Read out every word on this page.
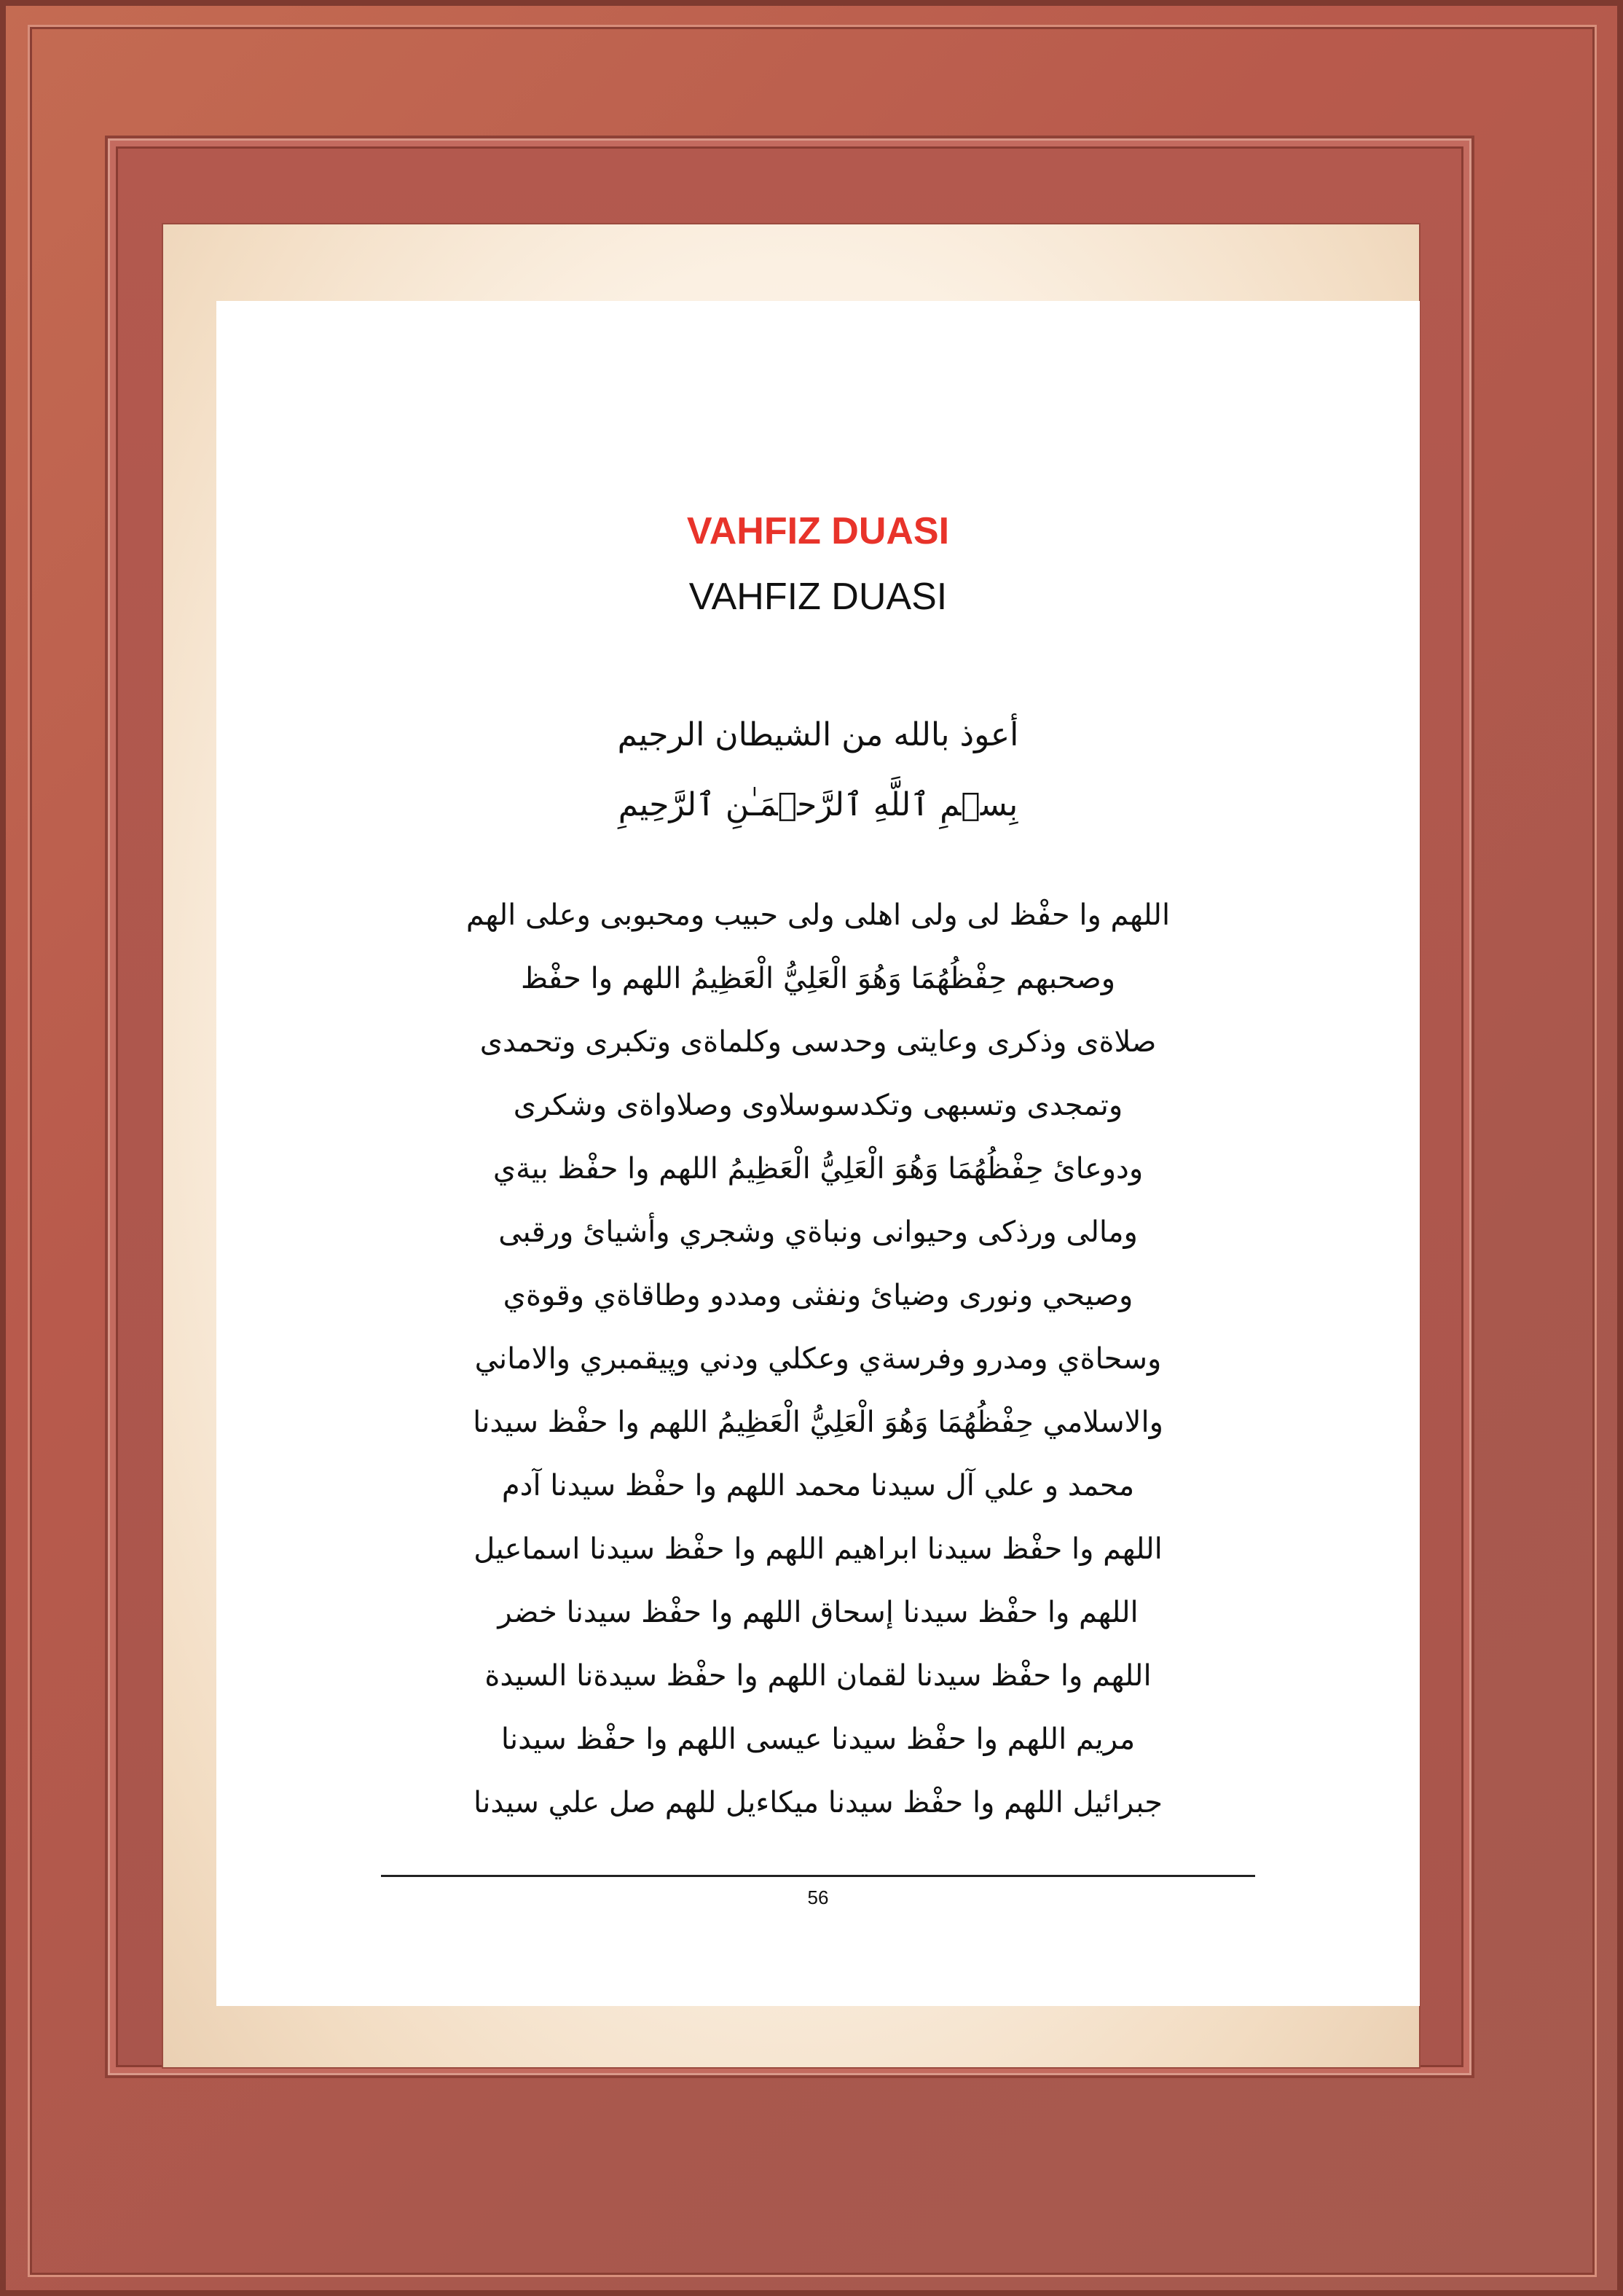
VAHFIZ DUASI
VAHFIZ DUASI
أعوذ بالله من الشيطان الرجيم
بِسۡمِ ٱللَّهِ ٱلرَّحۡمَـٰنِ ٱلرَّحِيمِ
اللهم وا حفْظ لی ولی اهلی ولی حبیب ومحبوبی وعلی الهم
وصحبهم حِفْظُهُمَا وَهُوَ الْعَلِيُّ الْعَظِيمُ اللهم وا حفْظ
صلاةى وذكرى وعايتى وحدسى وكلماةى وتكبرى وتحمدى
وتمجدى وتسبهى وتكدسوسلاوى وصلاواةى وشكرى
ودوعائ حِفْظُهُمَا وَهُوَ الْعَلِيُّ الْعَظِيمُ اللهم وا حفْظ بيةي
ومالى ورذكى وحيوانى ونباةي وشجري وأشيائ ورقبى
وصيحي ونورى وضيائ ونفثى ومددو وطاقاةي وقوةي
وسحاةي ومدرو وفرسةي وعكلي ودني وپيقمبري والاماني
والاسلامي حِفْظُهُمَا وَهُوَ الْعَلِيُّ الْعَظِيمُ اللهم وا حفْظ سيدنا
محمد و علي آل سيدنا محمد اللهم وا حفْظ سيدنا آدم
اللهم وا حفْظ سيدنا ابراهيم اللهم وا حفْظ سيدنا اسماعيل
اللهم وا حفْظ سيدنا إسحاق اللهم وا حفْظ سيدنا خضر
اللهم وا حفْظ سيدنا لقمان اللهم وا حفْظ سيدةنا السيدة
مريم اللهم وا حفْظ سيدنا عيسى اللهم وا حفْظ سيدنا
جبرائيل اللهم وا حفْظ سيدنا ميكاءيل للهم صل علي سيدنا
56
